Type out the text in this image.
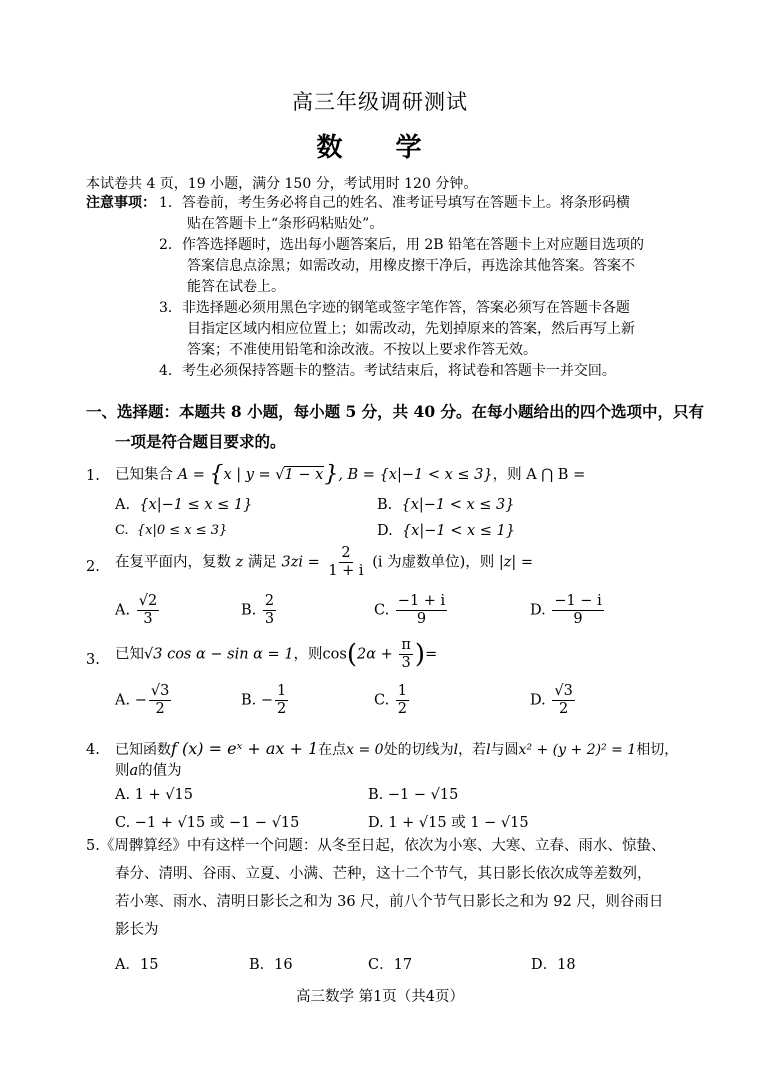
高三年级调研测试
数 学
本试卷共 4 页，19 小题，满分 150 分，考试用时 120 分钟。
注意事项： 1．答卷前，考生务必将自己的姓名、准考证号填写在答题卡上。将条形码横
贴在答题卡上“条形码粘贴处”。
2．作答选择题时，选出每小题答案后，用 2B 铅笔在答题卡上对应题目选项的
答案信息点涂黑；如需改动，用橡皮擦干净后，再选涂其他答案。答案不
能答在试卷上。
3．非选择题必须用黑色字迹的钢笔或签字笔作答，答案必须写在答题卡各题
目指定区域内相应位置上；如需改动，先划掉原来的答案，然后再写上新
答案；不准使用铅笔和涂改液。不按以上要求作答无效。
4．考生必须保持答题卡的整洁。考试结束后，将试卷和答题卡一并交回。
一、选择题：本题共 8 小题，每小题 5 分，共 40 分。在每小题给出的四个选项中，只有
一项是符合题目要求的。
1. 已知集合 A = {x | y = √1 − x}, B = {x|−1 < x ≤ 3}，则 A ⋂ B =
A. {x|−1 ≤ x ≤ 1}	B. {x|−1 < x ≤ 3}
C. {x|0 ≤ x ≤ 3}	D. {x|−1 < x ≤ 1}
2. 在复平面内，复数 z 满足 $3zi = \frac{2}{1 + i} (i$ 为虚数单位)，则 |z| =
A. $\frac{√2}{3}$	B. $\frac{2}{3}$	C. $\frac{-1 + i}{9}$	D. $\frac{-1 - i}{9}$
3. 已知√3 cos α − sin α = 1，则$\cos(2\alpha + \frac{\pi}{3}$ )=
A. − $\frac{√3}{2}$	B. − $\frac{1}{2}$	C. $\frac{1}{2}$	D. $\frac{√3}{2}$
4. 已知函数f (x) = eˣ + ax + 1在点x = 0处的切线为l，若l与圆x² + (y + 2)² = 1相切，
则a的值为
A. 1 + √15	B. −1 − √15
C. −1 + √15 或 −1 − √15	D. 1 + √15 或 1 − √15
5.《周髀算经》中有这样一个问题：从冬至日起，依次为小寒、大寒、立春、雨水、惊蛰、
春分、清明、谷雨、立夏、小满、芒种，这十二个节气，其日影长依次成等差数列，
若小寒、雨水、清明日影长之和为 36 尺，前八个节气日影长之和为 92 尺，则谷雨日
影长为
A．15	B．16	C．17	D．18
高三数学 第1页（共4页）
